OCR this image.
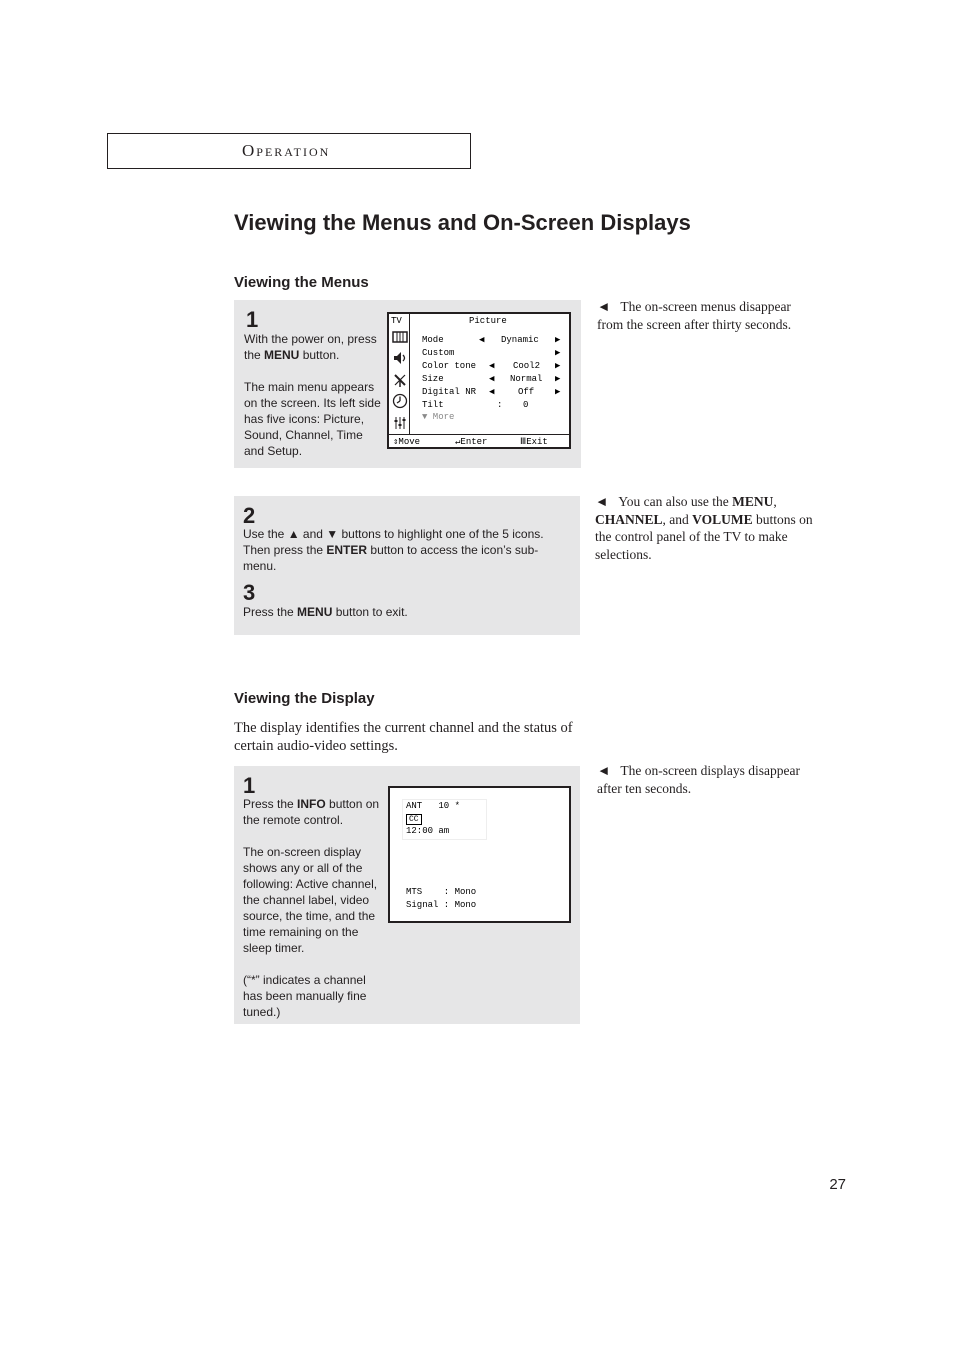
Operation
Viewing the Menus and On-Screen Displays
Viewing the Menus
1

With the power on, press the MENU button.

The main menu appears on the screen. Its left side has five icons: Picture, Sound, Channel, Time and Setup.

TV	Picture
Mode	◀ Dynamic ▶
Custom	▶
Color tone ◀ Cool2 ▶
Size	◀ Normal ▶
Digital NR ◀	Off ▶
Tilt	: 0
▼ More
⇕Move	↵Enter	ⅢExit
◄ The on-screen menus disappear from the screen after thirty seconds.
2
Use the ▲ and ▼ buttons to highlight one of the 5 icons. Then press the ENTER button to access the icon’s sub-menu.
3
Press the MENU button to exit.
◄ You can also use the MENU, CHANNEL, and VOLUME buttons on the control panel of the TV to make selections.
Viewing the Display
The display identifies the current channel and the status of certain audio-video settings.
1

Press the INFO button on the remote control.

The on-screen display shows any or all of the following: Active channel, the channel label, video source, the time, and the time remaining on the sleep timer.

(“*” indicates a channel has been manually fine tuned.)

ANT   10 *
CC
12:00 am
MTS    : Mono
Signal : Mono
◄ The on-screen displays disappear after ten seconds.
27
